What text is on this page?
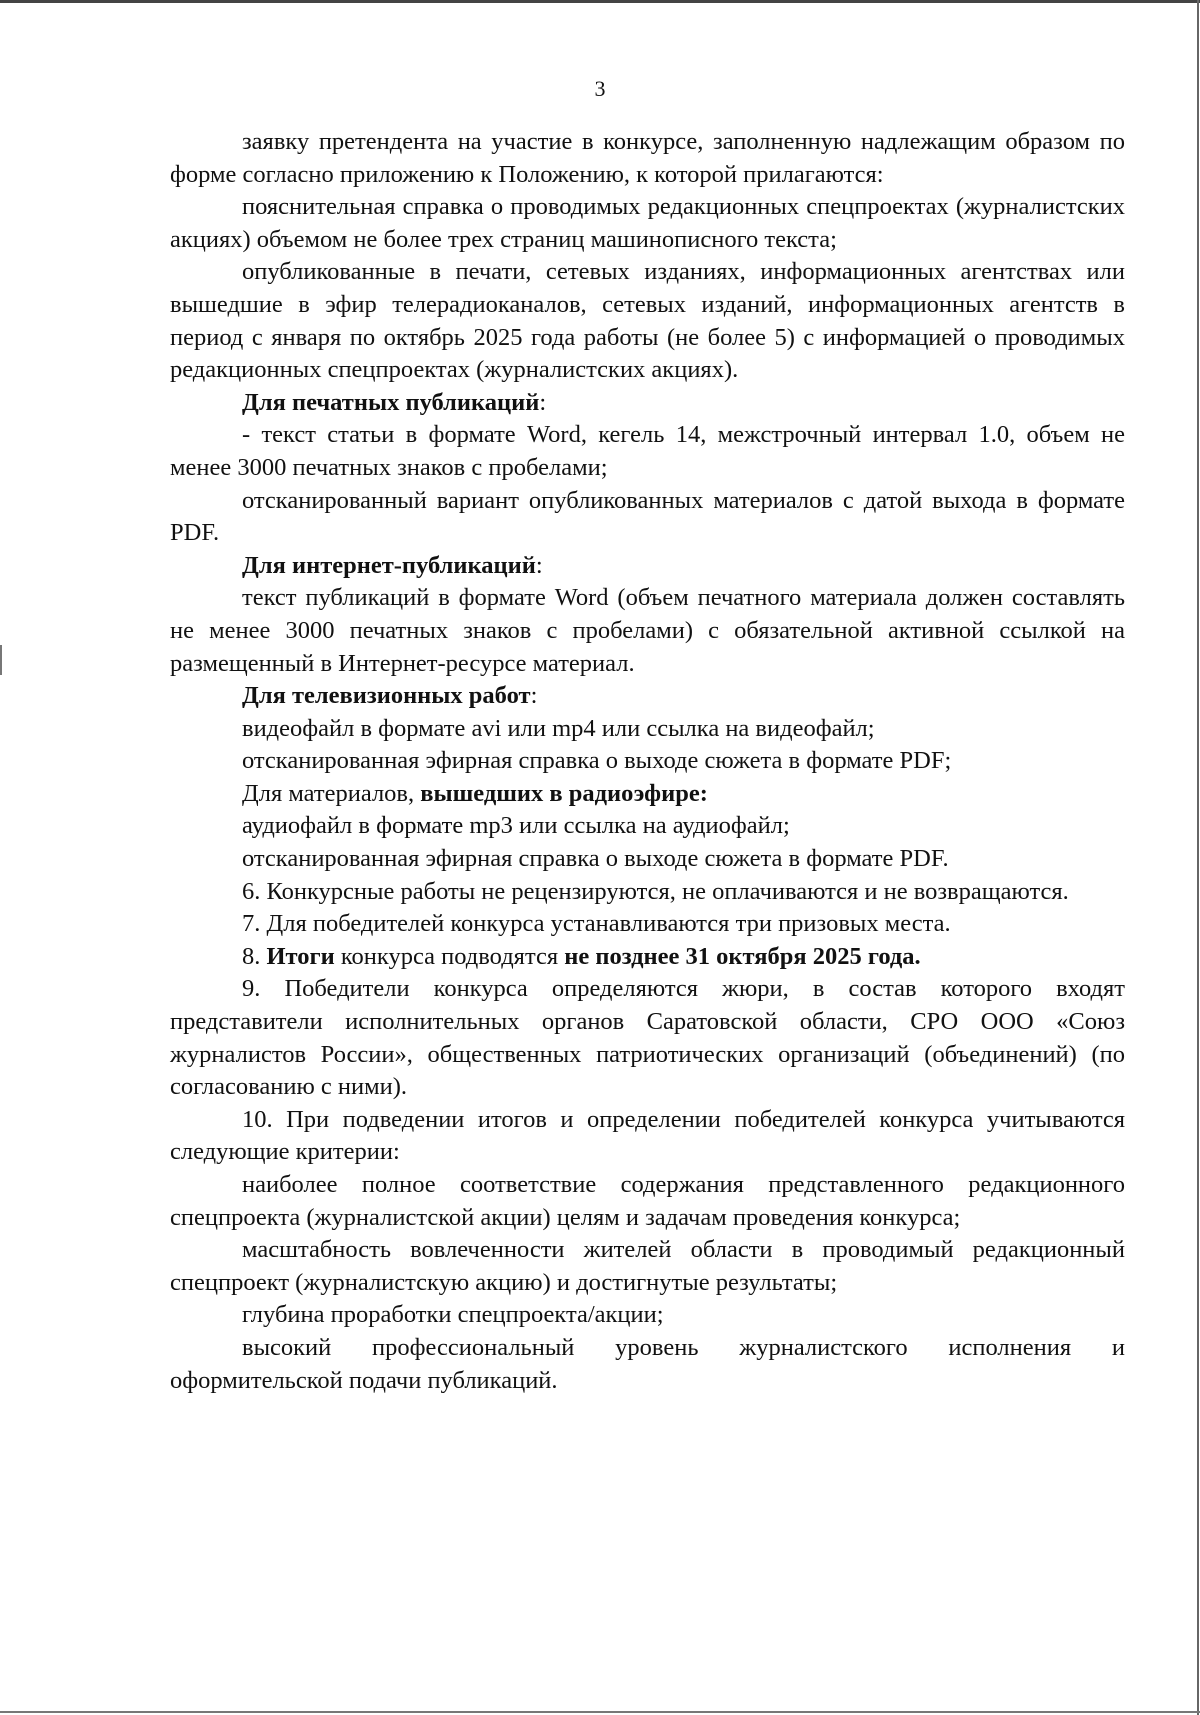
3

заявку претендента на участие в конкурсе, заполненную надлежащим образом по форме согласно приложению к Положению, к которой прилагаются:

пояснительная справка о проводимых редакционных спецпроектах (журналистских акциях) объемом не более трех страниц машинописного текста;

опубликованные в печати, сетевых изданиях, информационных агентствах или вышедшие в эфир телерадиоканалов, сетевых изданий, информационных агентств в период с января по октябрь 2025 года работы (не более 5) с информацией о проводимых редакционных спецпроектах (журналистских акциях).

Для печатных публикаций:

- текст статьи в формате Word, кегель 14, межстрочный интервал 1.0, объем не менее 3000 печатных знаков с пробелами;

отсканированный вариант опубликованных материалов с датой выхода в формате PDF.

Для интернет-публикаций:

текст публикаций в формате Word (объем печатного материала должен составлять не менее 3000 печатных знаков с пробелами) с обязательной активной ссылкой на размещенный в Интернет-ресурсе материал.

Для телевизионных работ:

видеофайл в формате avi или mp4 или ссылка на видеофайл;

отсканированная эфирная справка о выходе сюжета в формате PDF;

Для материалов, вышедших в радиоэфире:

аудиофайл в формате mp3 или ссылка на аудиофайл;

отсканированная эфирная справка о выходе сюжета в формате PDF.

6. Конкурсные работы не рецензируются, не оплачиваются и не возвращаются.

7. Для победителей конкурса устанавливаются три призовых места.

8. Итоги конкурса подводятся не позднее 31 октября 2025 года.

9. Победители конкурса определяются жюри, в состав которого входят представители исполнительных органов Саратовской области, СРО ООО «Союз журналистов России», общественных патриотических организаций (объединений) (по согласованию с ними).

10. При подведении итогов и определении победителей конкурса учитываются следующие критерии:

наиболее полное соответствие содержания представленного редакционного спецпроекта (журналистской акции) целям и задачам проведения конкурса;

масштабность вовлеченности жителей области в проводимый редакционный спецпроект (журналистскую акцию) и достигнутые результаты;

глубина проработки спецпроекта/акции;

высокий профессиональный уровень журналистского исполнения и оформительской подачи публикаций.
